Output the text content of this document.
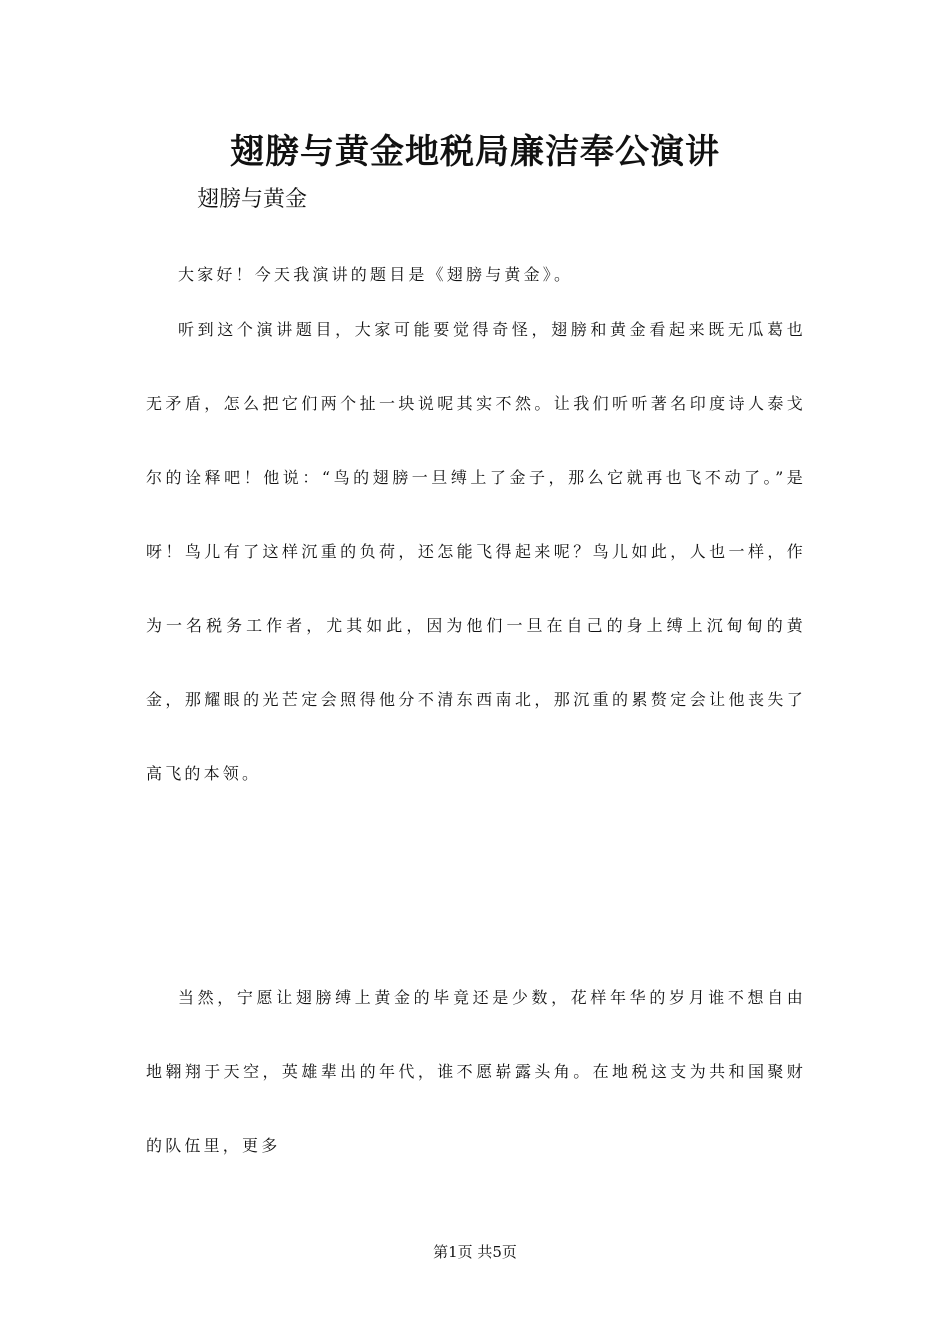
翅膀与黄金地税局廉洁奉公演讲

翅膀与黄金

大家好！今天我演讲的题目是《翅膀与黄金》。

听到这个演讲题目，大家可能要觉得奇怪，翅膀和黄金看起来既无瓜葛也无矛盾，怎么把它们两个扯一块说呢其实不然。让我们听听著名印度诗人泰戈尔的诠释吧！他说：“鸟的翅膀一旦缚上了金子，那么它就再也飞不动了。”是呀！鸟儿有了这样沉重的负荷，还怎能飞得起来呢？鸟儿如此，人也一样，作为一名税务工作者，尤其如此，因为他们一旦在自己的身上缚上沉甸甸的黄金，那耀眼的光芒定会照得他分不清东西南北，那沉重的累赘定会让他丧失了高飞的本领。

当然，宁愿让翅膀缚上黄金的毕竟还是少数，花样年华的岁月谁不想自由地翱翔于天空，英雄辈出的年代，谁不愿崭露头角。在地税这支为共和国聚财的队伍里，更多

第1页 共5页
